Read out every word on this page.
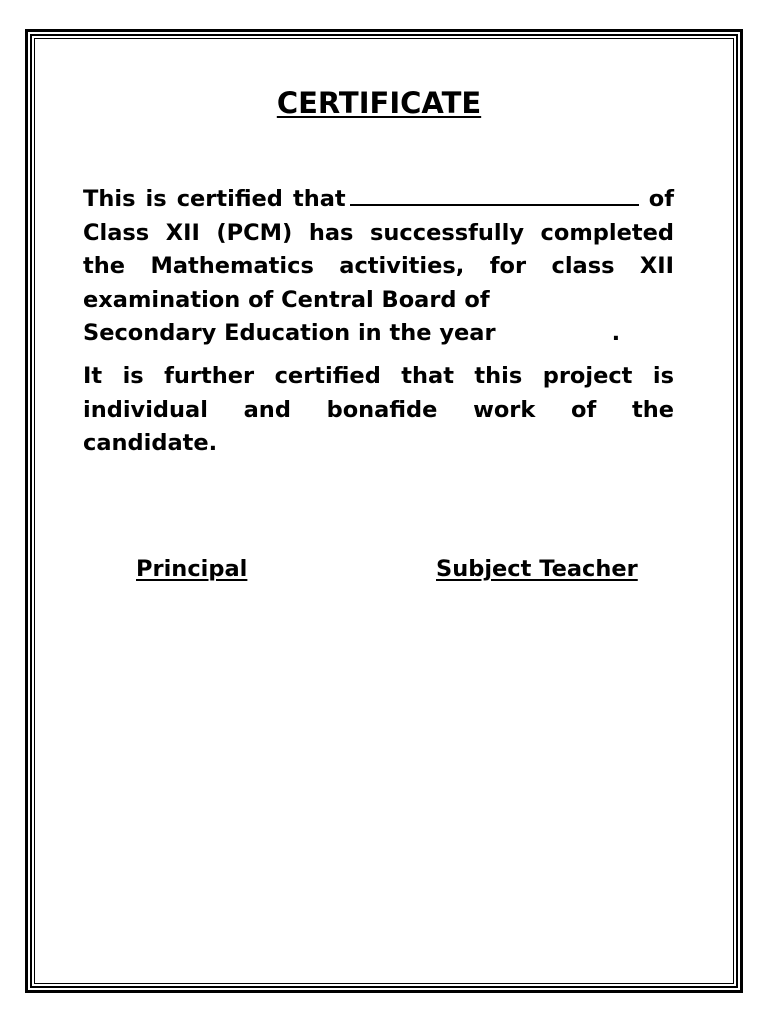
CERTIFICATE
This is certified that	of Class XII (PCM) has successfully completed the Mathematics activities, for class XII examination of Central Board of
Secondary Education in the year	.
It is further certified that this project is individual and bonafide work of the candidate.
Principal	Subject Teacher
